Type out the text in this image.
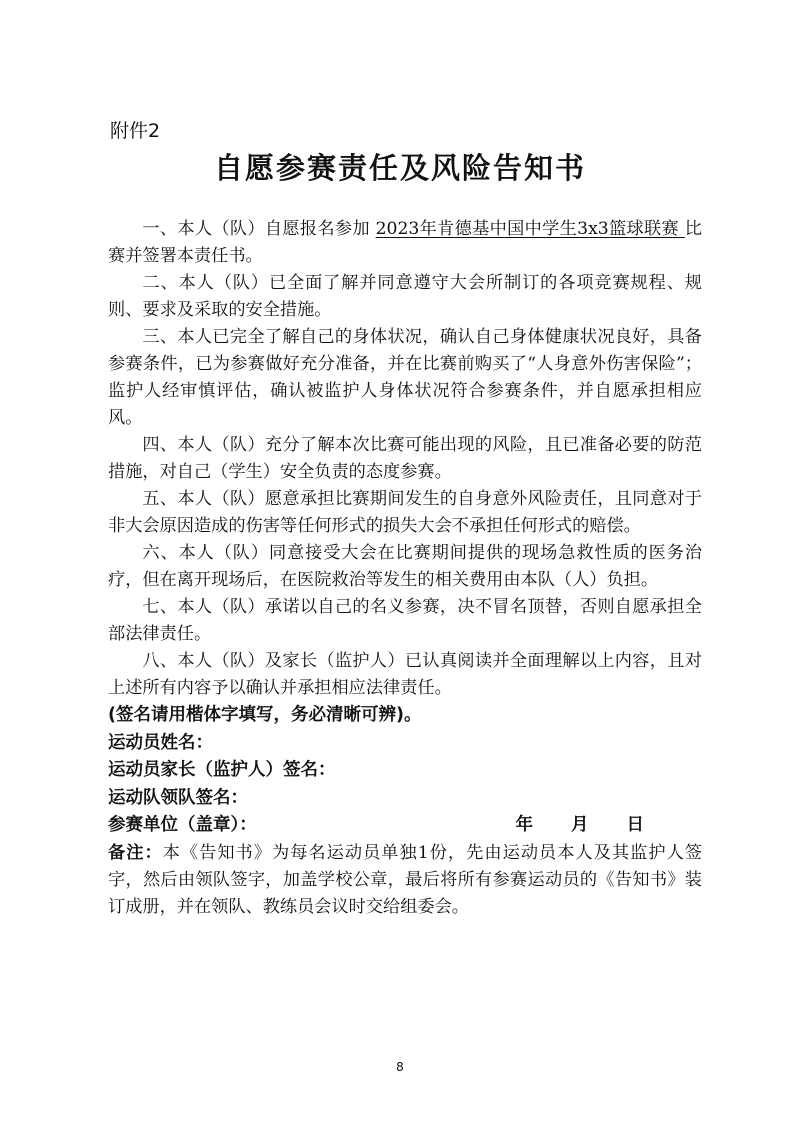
附件2
自愿参赛责任及风险告知书

一、本人（队）自愿报名参加 2023年肯德基中国中学生3x3篮球联赛 比赛并签署本责任书。

二、本人（队）已全面了解并同意遵守大会所制订的各项竞赛规程、规则、要求及采取的安全措施。

三、本人已完全了解自己的身体状况，确认自己身体健康状况良好，具备参赛条件，已为参赛做好充分准备，并在比赛前购买了“人身意外伤害保险”；监护人经审慎评估，确认被监护人身体状况符合参赛条件，并自愿承担相应风。

四、本人（队）充分了解本次比赛可能出现的风险，且已准备必要的防范措施，对自己（学生）安全负责的态度参赛。

五、本人（队）愿意承担比赛期间发生的自身意外风险责任，且同意对于非大会原因造成的伤害等任何形式的损失大会不承担任何形式的赔偿。

六、本人（队）同意接受大会在比赛期间提供的现场急救性质的医务治疗，但在离开现场后，在医院救治等发生的相关费用由本队（人）负担。

七、本人（队）承诺以自己的名义参赛，决不冒名顶替，否则自愿承担全部法律责任。

八、本人（队）及家长（监护人）已认真阅读并全面理解以上内容，且对上述所有内容予以确认并承担相应法律责任。

(签名请用楷体字填写，务必清晰可辨)。

运动员姓名：

运动员家长（监护人）签名：

运动队领队签名：

参赛单位（盖章）：	年 月 日

备注：本《告知书》为每名运动员单独1份，先由运动员本人及其监护人签字，然后由领队签字，加盖学校公章，最后将所有参赛运动员的《告知书》装订成册，并在领队、教练员会议时交给组委会。

8
